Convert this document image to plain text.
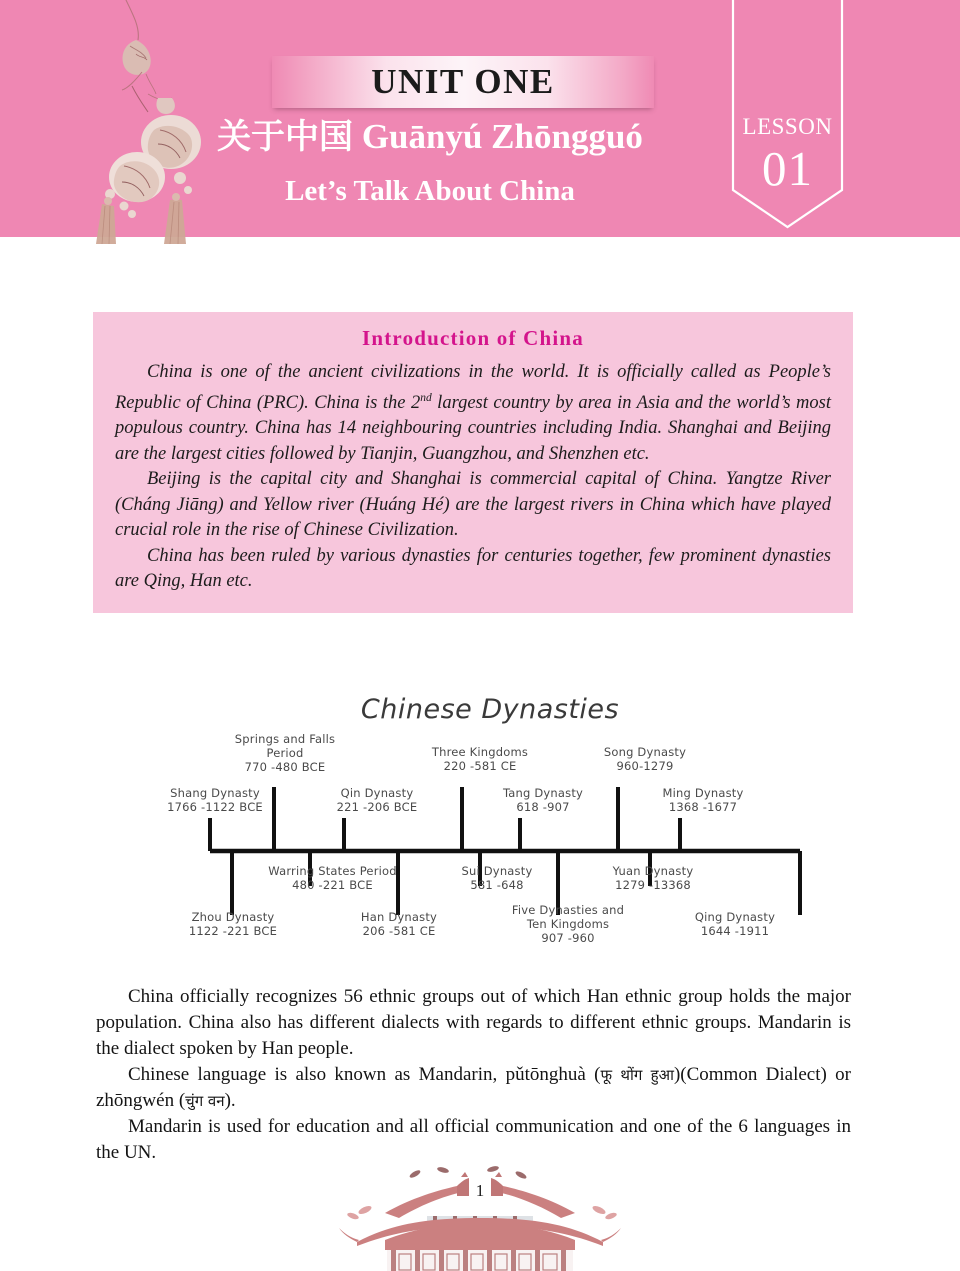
UNIT ONE
关于中国 Guānyú Zhōngguó
Let’s Talk About China
LESSON
01
Introduction of China

China is one of the ancient civilizations in the world. It is officially called as People’s Republic of China (PRC). China is the 2nd largest country by area in Asia and the world’s most populous country. China has 14 neighbouring countries including India. Shanghai and Beijing are the largest cities followed by Tianjin, Guangzhou, and Shenzhen etc.

Beijing is the capital city and Shanghai is commercial capital of China. Yangtze River (Cháng Jiāng) and Yellow river (Huáng Hé) are the largest rivers in China which have played crucial role in the rise of Chinese Civilization.

China has been ruled by various dynasties for centuries together, few prominent dynasties are Qing, Han etc.

Chinese Dynasties
Springs and Falls
Period
770 -480 BCE
Three Kingdoms
220 -581 CE
Song Dynasty
960-1279
Shang Dynasty
1766 -1122 BCE
Qin Dynasty
221 -206 BCE
Tang Dynasty
618 -907
Ming Dynasty
1368 -1677
Warring States Period
480 -221 BCE
Sui Dynasty
581 -648
Yuan Dynasty
1279 -13368
Zhou Dynasty
1122 -221 BCE
Han Dynasty
206 -581 CE
Five Dynasties and
Ten Kingdoms
907 -960
Qing Dynasty
1644 -1911

China officially recognizes 56 ethnic groups out of which Han ethnic group holds the major population. China also has different dialects with regards to different ethnic groups. Mandarin is the dialect spoken by Han people.

Chinese language is also known as Mandarin, pǔtōnghuà (फू थोंग हुआ)(Common Dialect) or zhōngwén (चुंग वन).

Mandarin is used for education and all official communication and one of the 6 languages in the UN.

1
